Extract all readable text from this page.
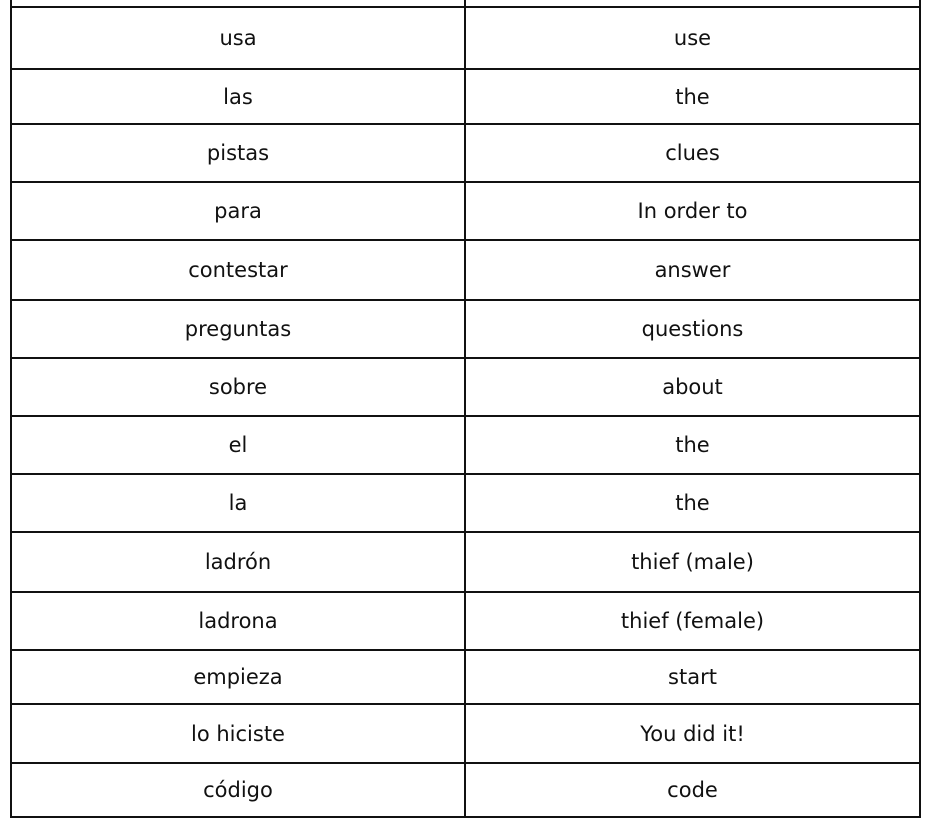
usa	use
las	the
pistas	clues
para	In order to
contestar	answer
preguntas	questions
sobre	about
el	the
la	the
ladrón	thief (male)
ladrona	thief (female)
empieza	start
lo hiciste	You did it!
código	code
